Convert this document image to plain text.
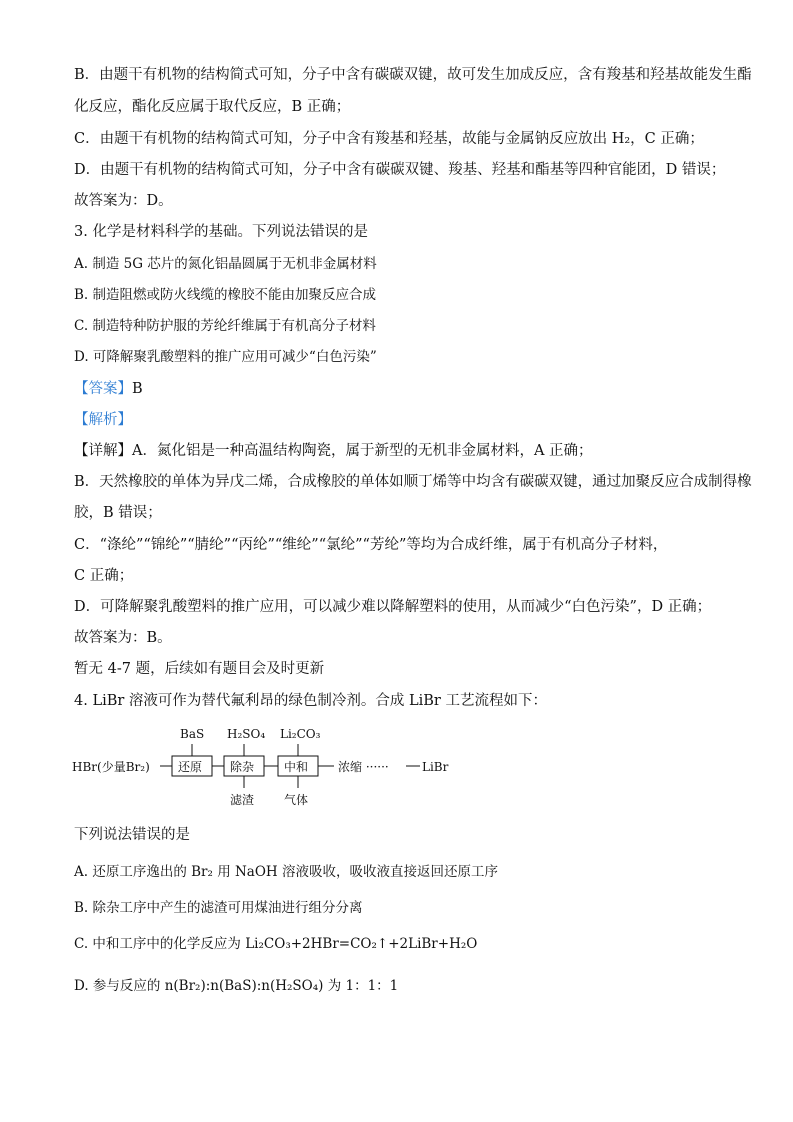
B．由题干有机物的结构简式可知，分子中含有碳碳双键，故可发生加成反应，含有羧基和羟基故能发生酯
化反应，酯化反应属于取代反应，B 正确；
C．由题干有机物的结构简式可知，分子中含有羧基和羟基，故能与金属钠反应放出 H₂，C 正确；
D．由题干有机物的结构简式可知，分子中含有碳碳双键、羧基、羟基和酯基等四种官能团，D 错误；
故答案为：D。
3. 化学是材料科学的基础。下列说法错误的是
A. 制造 5G 芯片的氮化铝晶圆属于无机非金属材料
B. 制造阻燃或防火线缆的橡胶不能由加聚反应合成
C. 制造特种防护服的芳纶纤维属于有机高分子材料
D. 可降解聚乳酸塑料的推广应用可减少“白色污染”
【答案】B
【解析】
【详解】A．氮化铝是一种高温结构陶瓷，属于新型的无机非金属材料，A 正确；
B．天然橡胶的单体为异戊二烯，合成橡胶的单体如顺丁烯等中均含有碳碳双键，通过加聚反应合成制得橡
胶，B 错误；
C．“涤纶”“锦纶”“腈纶”“丙纶”“维纶”“氯纶”“芳纶”等均为合成纤维，属于有机高分子材料，
C 正确；
D．可降解聚乳酸塑料的推广应用，可以减少难以降解塑料的使用，从而减少“白色污染”，D 正确；
故答案为：B。
暂无 4-7 题，后续如有题目会及时更新
4. LiBr 溶液可作为替代氟利昂的绿色制冷剂。合成 LiBr 工艺流程如下：
BaS H₂SO₄ Li₂CO₃
HBr(少量Br₂) 还原 除杂 中和 浓缩 ······	LiBr
滤渣 气体
下列说法错误的是
A. 还原工序逸出的 Br₂ 用 NaOH 溶液吸收，吸收液直接返回还原工序
B. 除杂工序中产生的滤渣可用煤油进行组分分离
C. 中和工序中的化学反应为 Li₂CO₃+2HBr=CO₂↑+2LiBr+H₂O
D. 参与反应的 n(Br₂):n(BaS):n(H₂SO₄) 为 1：1：1
